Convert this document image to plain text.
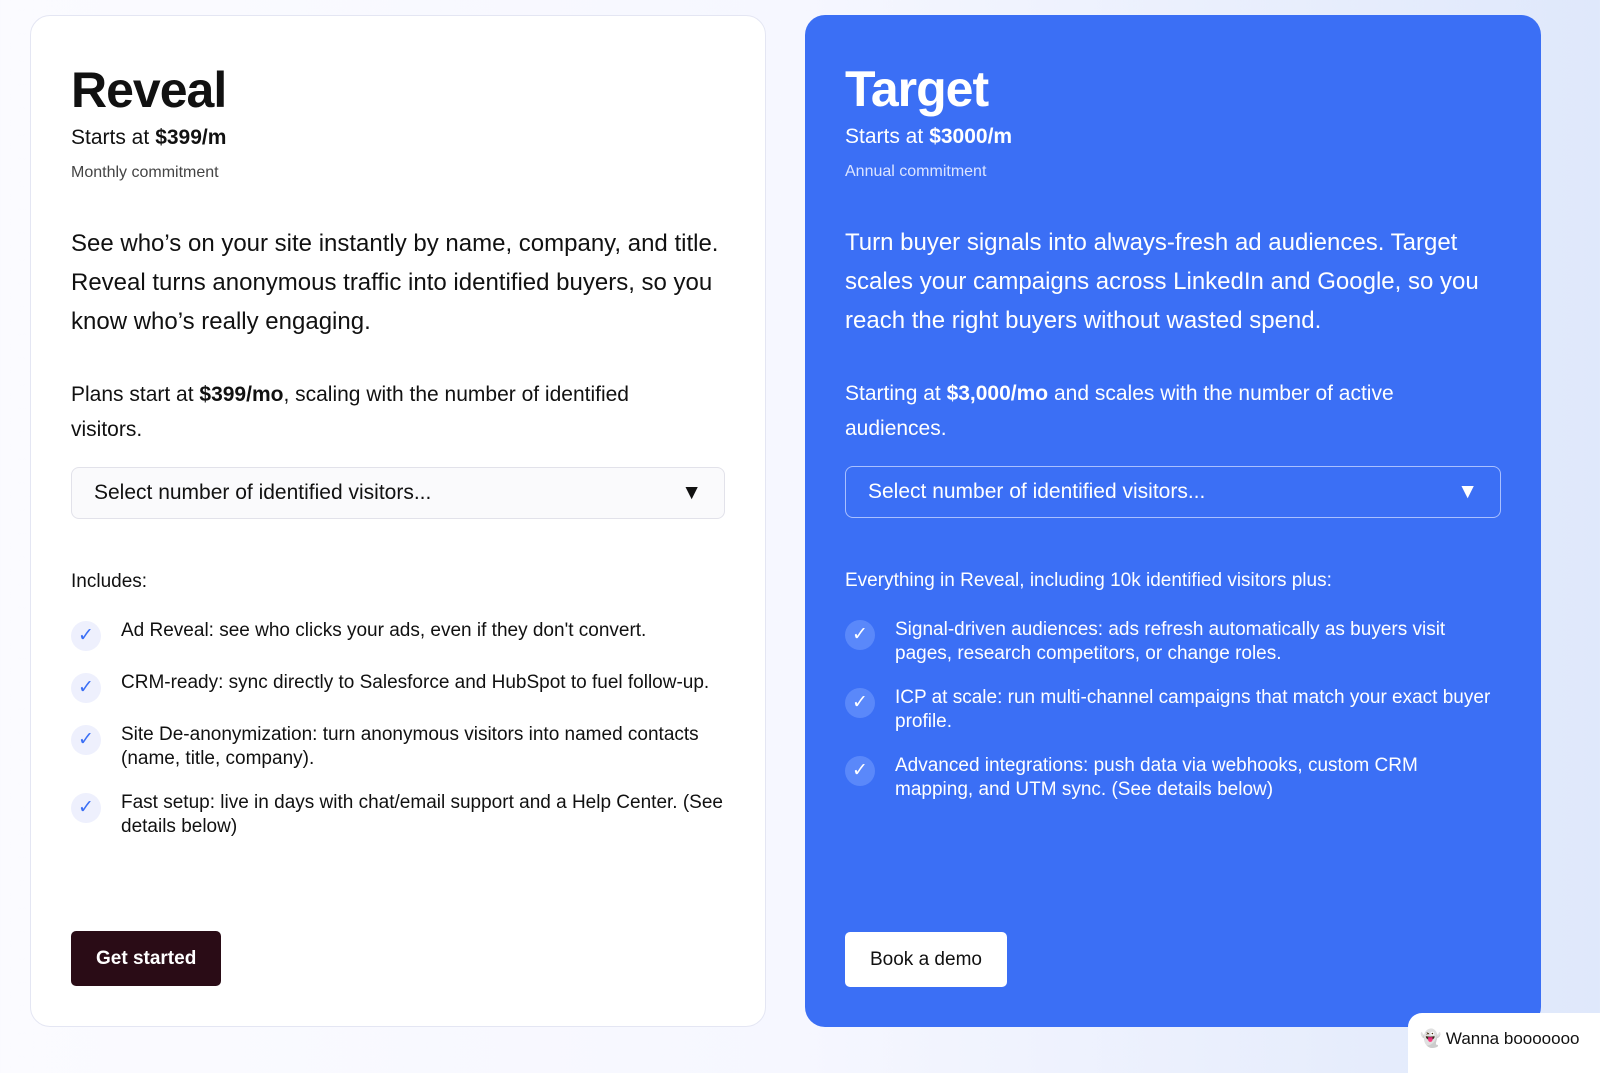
Reveal
Starts at $399/m
Monthly commitment

See who’s on your site instantly by name, company, and title. Reveal turns anonymous traffic into identified buyers, so you know who’s really engaging.

Plans start at $399/mo, scaling with the number of identified visitors.

Select number of identified visitors...	▼
Includes:
✓	Ad Reveal: see who clicks your ads, even if they don't convert.
✓	CRM-ready: sync directly to Salesforce and HubSpot to fuel follow-up.
✓	Site De-anonymization: turn anonymous visitors into named contacts (name, title, company).
✓	Fast setup: live in days with chat/email support and a Help Center. (See details below)
Get started
Target
Starts at $3000/m
Annual commitment

Turn buyer signals into always-fresh ad audiences. Target scales your campaigns across LinkedIn and Google, so you reach the right buyers without wasted spend.

Starting at $3,000/mo and scales with the number of active audiences.

Select number of identified visitors...	▼
Everything in Reveal, including 10k identified visitors plus:
✓	Signal-driven audiences: ads refresh automatically as buyers visit pages, research competitors, or change roles.
✓	ICP at scale: run multi-channel campaigns that match your exact buyer profile.
✓	Advanced integrations: push data via webhooks, custom CRM mapping, and UTM sync. (See details below)
Book a demo
👻 Wanna booooooo
